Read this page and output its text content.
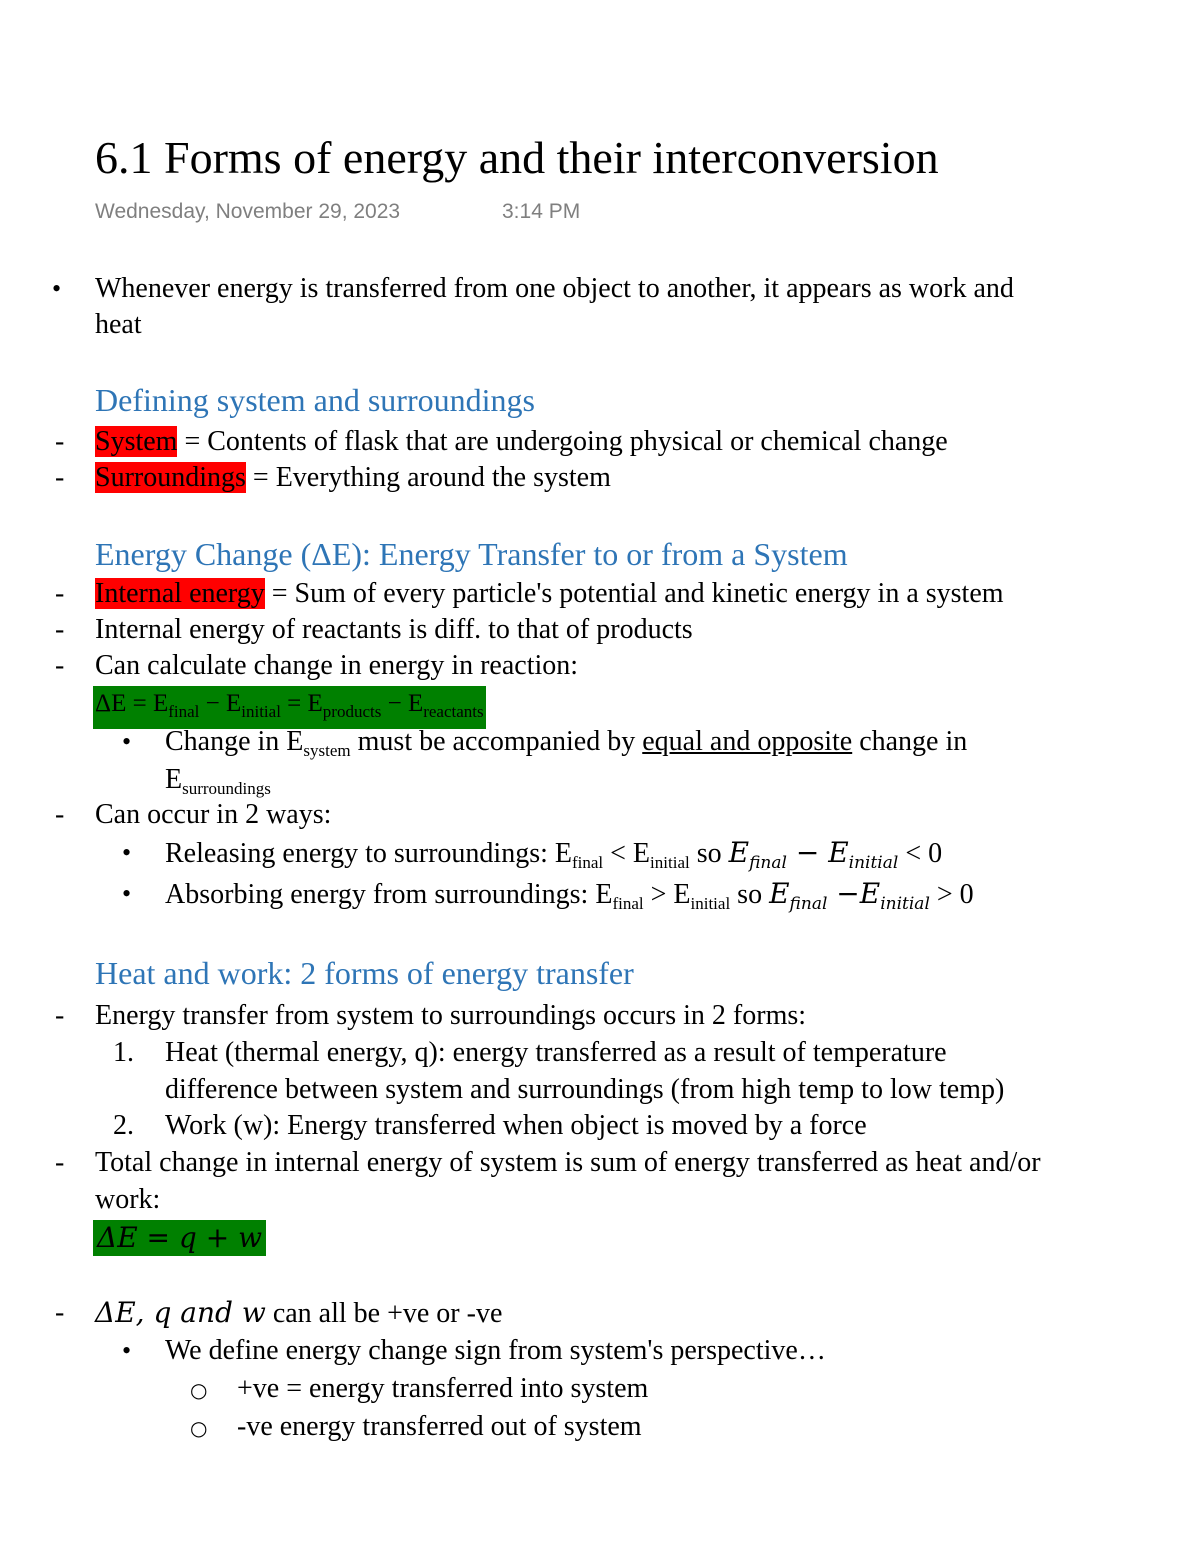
6.1 Forms of energy and their interconversion
Wednesday, November 29, 2023	3:14 PM
• Whenever energy is transferred from one object to another, it appears as work and
heat
Defining system and surroundings
- System = Contents of flask that are undergoing physical or chemical change
- Surroundings = Everything around the system
Energy Change (ΔE): Energy Transfer to or from a System
- Internal energy = Sum of every particle's potential and kinetic energy in a system
- Internal energy of reactants is diff. to that of products
- Can calculate change in energy in reaction:
$\Delta E = E_{final} - E_{initial} = E_{products} - E_{reactants}$
• Change in $E_{system}$ must be accompanied by equal and opposite change in
$E_{surroundings}$
- Can occur in 2 ways:
• Releasing energy to surroundings: $E_{final} < E_{initial}$ so $E_{final} - E_{initial} < 0$
• Absorbing energy from surroundings: $E_{final} > E_{initial}$ so $E_{final} -E_{initial} > 0$
Heat and work: 2 forms of energy transfer
- Energy transfer from system to surroundings occurs in 2 forms:
1. Heat (thermal energy, q): energy transferred as a result of temperature
difference between system and surroundings (from high temp to low temp)
2. Work (w): Energy transferred when object is moved by a force
- Total change in internal energy of system is sum of energy transferred as heat and/or
work:
ΔE = q + w
- ΔE, q and w can all be +ve or -ve
• We define energy change sign from system's perspective…
○ +ve = energy transferred into system
○ -ve energy transferred out of system
